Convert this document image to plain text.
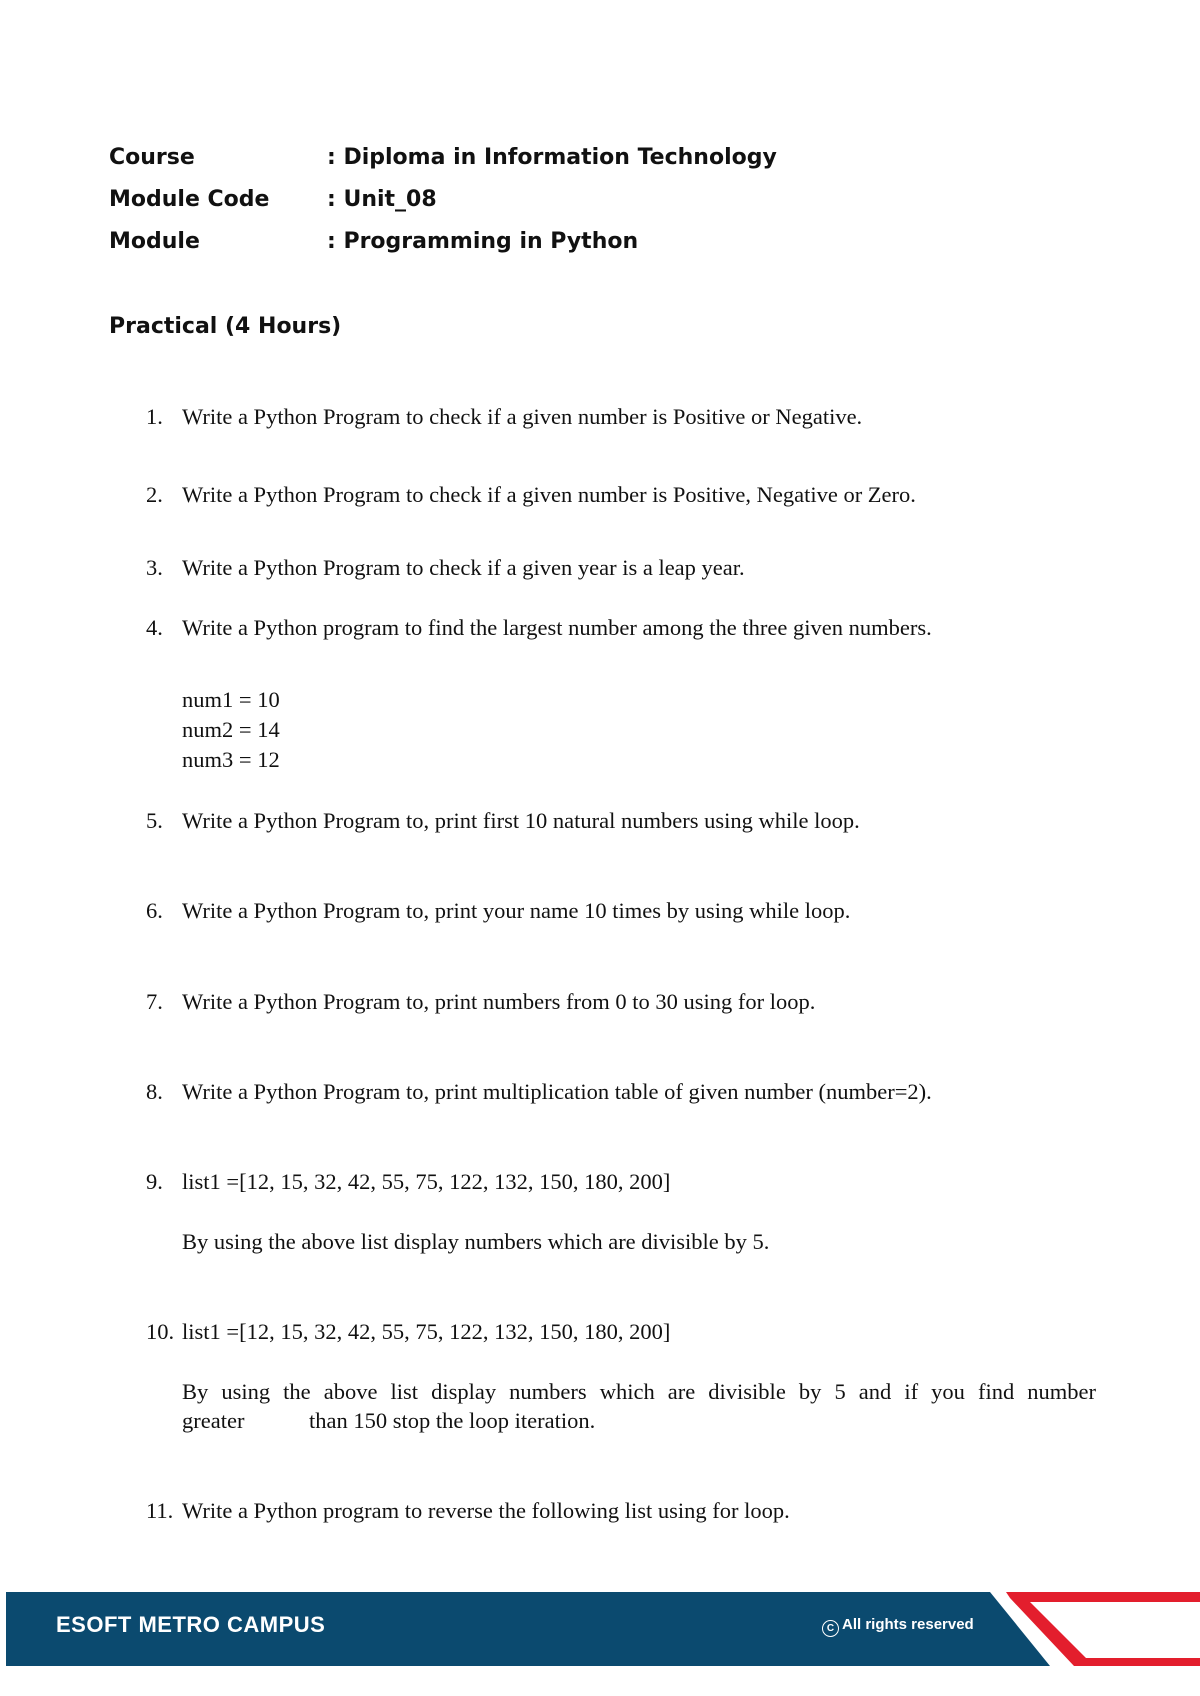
Course	: Diploma in Information Technology
Module Code	: Unit_08
Module	: Programming in Python
Practical (4 Hours)
1. Write a Python Program to check if a given number is Positive or Negative.
2. Write a Python Program to check if a given number is Positive, Negative or Zero.
3. Write a Python Program to check if a given year is a leap year.
4. Write a Python program to find the largest number among the three given numbers.
num1 = 10
num2 = 14
num3 = 12
5. Write a Python Program to, print first 10 natural numbers using while loop.
6. Write a Python Program to, print your name 10 times by using while loop.
7. Write a Python Program to, print numbers from 0 to 30 using for loop.
8. Write a Python Program to, print multiplication table of given number (number=2).
9. list1 =[12, 15, 32, 42, 55, 75, 122, 132, 150, 180, 200]
By using the above list display numbers which are divisible by 5.
10. list1 =[12, 15, 32, 42, 55, 75, 122, 132, 150, 180, 200]
By using the above list display numbers which are divisible by 5 and if you find number
greater	than 150 stop the loop iteration.
11. Write a Python program to reverse the following list using for loop.
ESOFT METRO CAMPUS	C All rights reserved
